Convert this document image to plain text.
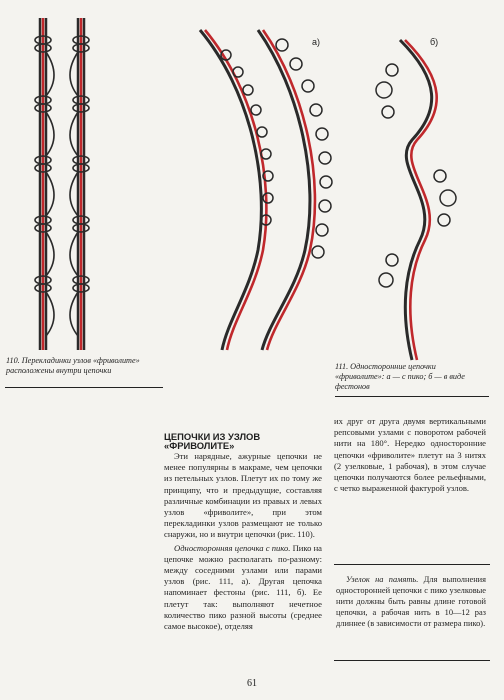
а)	б)
110. Перекладинки узлов «фриволите» расположены внутри цепочки	111. Односторонние цепочки «фриволите»: а — с пико; б — в виде фестонов

ЦЕПОЧКИ ИЗ УЗЛОВ

«ФРИВОЛИТЕ»

Эти нарядные, ажурные цепочки не менее популярны в макраме, чем цепочки из петельных узлов. Плетут их по тому же принципу, что и предыдущие, составляя различные комбинации из правых и левых узлов «фриволите», при этом перекладинки узлов размещают не только снаружи, но и внутри цепочки (рис. 110).

Односторонняя цепочка с пико. Пико на цепочке можно располагать по-разному: между соседними узлами или парами узлов (рис. 111, а). Другая цепочка напоминает фестоны (рис. 111, б). Ее плетут так: выполняют нечетное количество пико разной высоты (среднее самое высокое), отделяя

их друг от друга двумя вертикальными репсовыми узлами с поворотом рабочей нити на 180°. Нередко односторонние цепочки «фриволите» плетут на 3 нитях (2 узелковые, 1 рабочая), в этом случае цепочки получаются более рельефными, с четко выраженной фактурой узлов.

Узелок на память. Для выполнения односторонней цепочки с пико узелковые нити должны быть равны длине готовой цепочки, а рабочая нить в 10—12 раз длиннее (в зависимости от размера пико).

61
